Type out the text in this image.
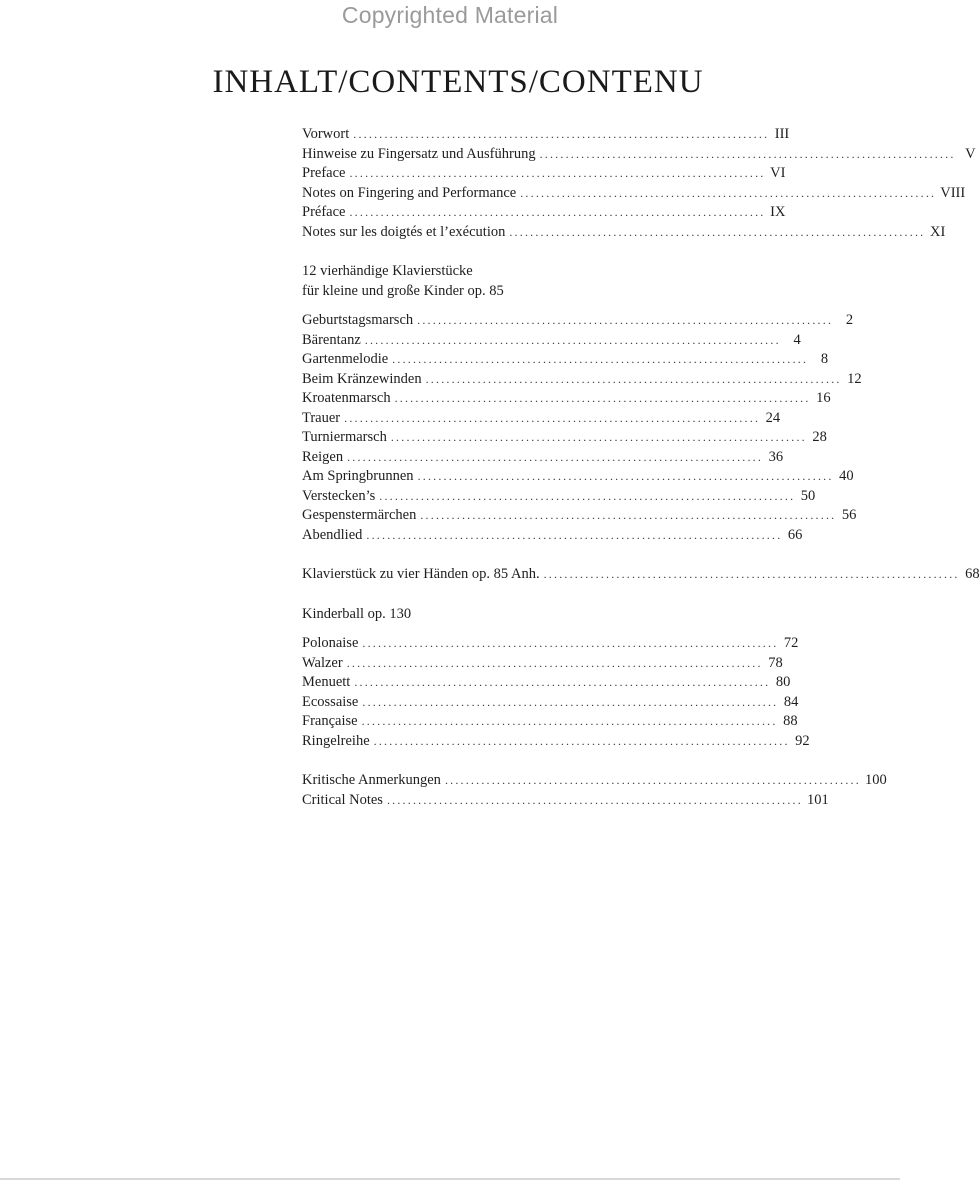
Copyrighted Material
INHALT/CONTENTS/CONTENU
Vorwort ................................................................................ III
Hinweise zu Fingersatz und Ausführung ................................................................................ V
Preface ................................................................................ VI
Notes on Fingering and Performance ................................................................................ VIII
Préface ................................................................................ IX
Notes sur les doigtés et l’exécution ................................................................................ XI
12 vierhändige Klavierstücke
für kleine und große Kinder op. 85
Geburtstagsmarsch ................................................................................ 2
Bärentanz ................................................................................ 4
Gartenmelodie ................................................................................ 8
Beim Kränzewinden ................................................................................ 12
Kroatenmarsch ................................................................................ 16
Trauer ................................................................................ 24
Turniermarsch ................................................................................ 28
Reigen ................................................................................ 36
Am Springbrunnen ................................................................................ 40
Verstecken’s ................................................................................ 50
Gespenstermärchen ................................................................................ 56
Abendlied ................................................................................ 66
Klavierstück zu vier Händen op. 85 Anh. ................................................................................ 68
Kinderball op. 130
Polonaise ................................................................................ 72
Walzer ................................................................................ 78
Menuett ................................................................................ 80
Ecossaise ................................................................................ 84
Française ................................................................................ 88
Ringelreihe ................................................................................ 92
Kritische Anmerkungen ................................................................................ 100
Critical Notes ................................................................................ 101
